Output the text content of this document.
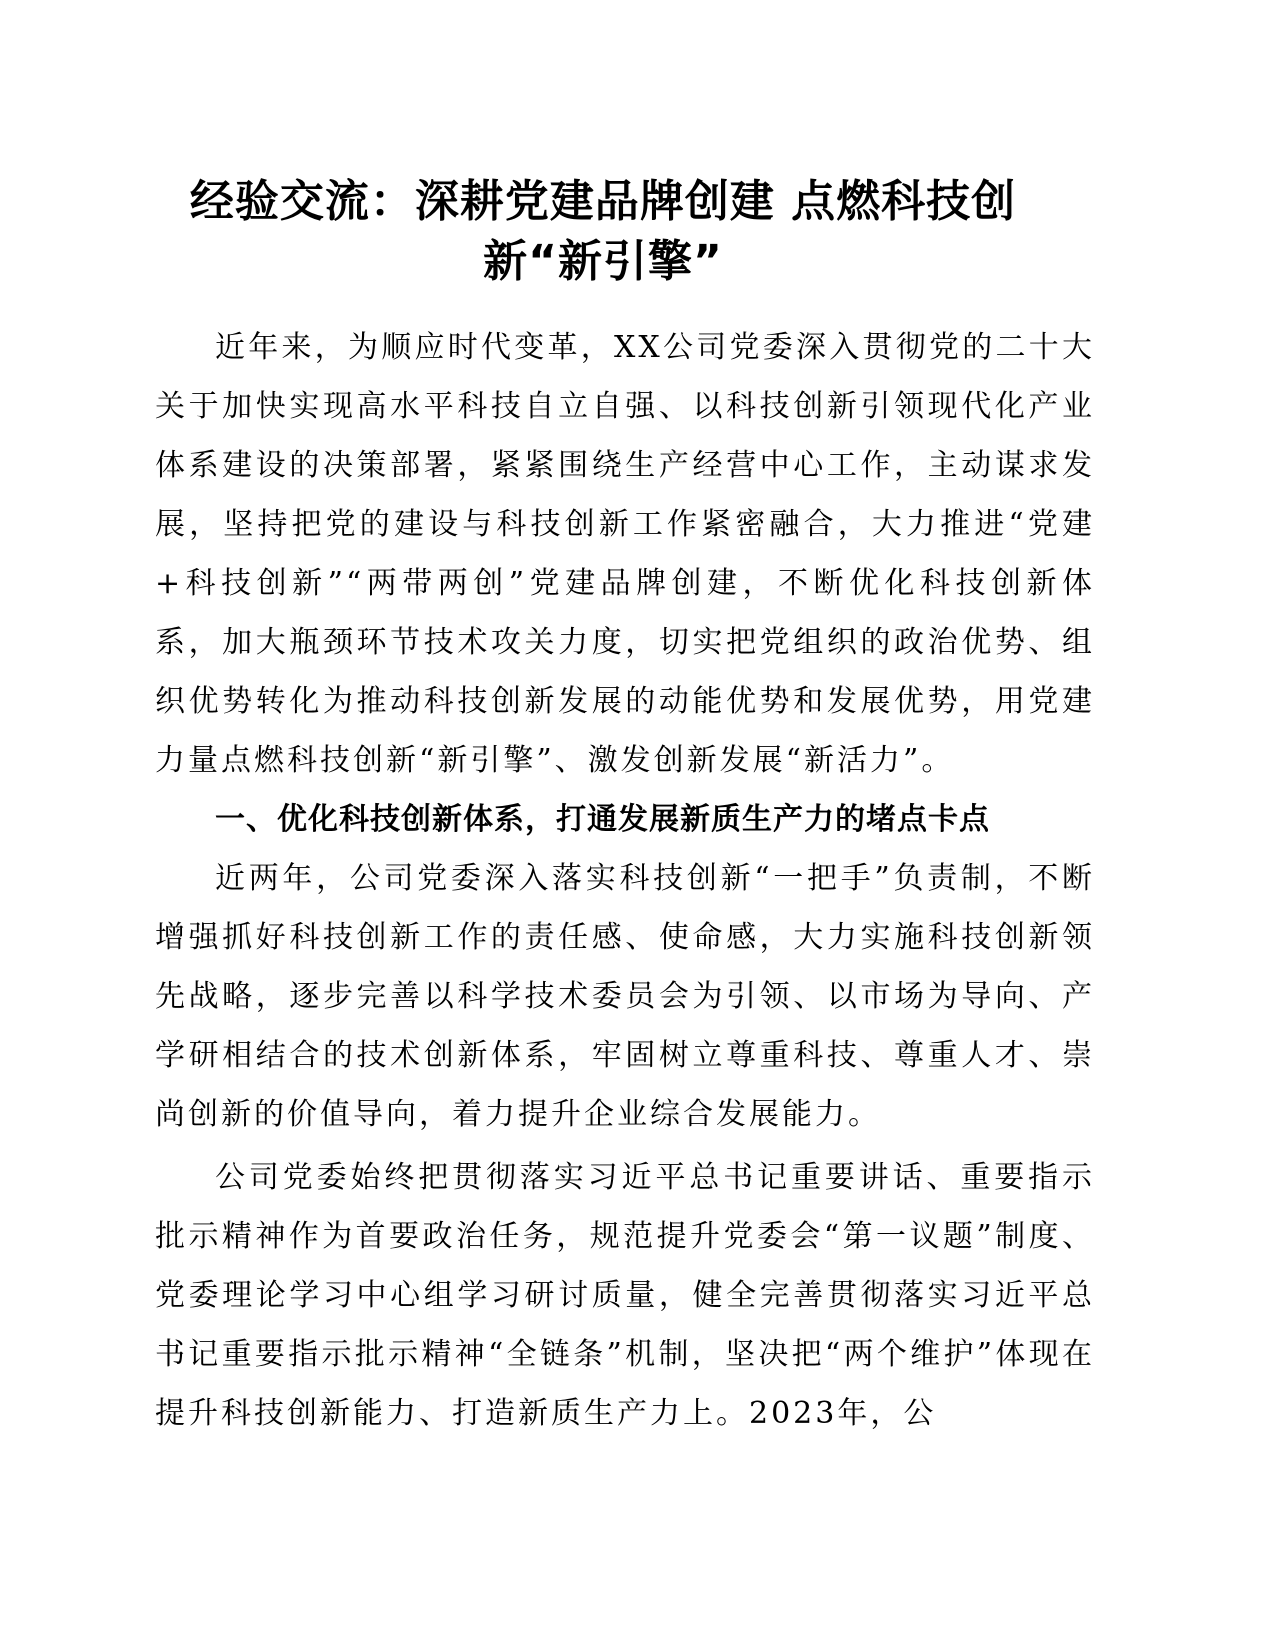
经验交流：深耕党建品牌创建 点燃科技创
新“新引擎”

近年来，为顺应时代变革，XX公司党委深入贯彻党的二十大关于加快实现高水平科技自立自强、以科技创新引领现代化产业体系建设的决策部署，紧紧围绕生产经营中心工作，主动谋求发展，坚持把党的建设与科技创新工作紧密融合，大力推进“党建+科技创新”“两带两创”党建品牌创建，不断优化科技创新体系，加大瓶颈环节技术攻关力度，切实把党组织的政治优势、组织优势转化为推动科技创新发展的动能优势和发展优势，用党建力量点燃科技创新“新引擎”、激发创新发展“新活力”。

一、优化科技创新体系，打通发展新质生产力的堵点卡点

近两年，公司党委深入落实科技创新“一把手”负责制，不断增强抓好科技创新工作的责任感、使命感，大力实施科技创新领先战略，逐步完善以科学技术委员会为引领、以市场为导向、产学研相结合的技术创新体系，牢固树立尊重科技、尊重人才、崇尚创新的价值导向，着力提升企业综合发展能力。

公司党委始终把贯彻落实习近平总书记重要讲话、重要指示批示精神作为首要政治任务，规范提升党委会“第一议题”制度、党委理论学习中心组学习研讨质量，健全完善贯彻落实习近平总书记重要指示批示精神“全链条”机制，坚决把“两个维护”体现在提升科技创新能力、打造新质生产力上。2023年，公
